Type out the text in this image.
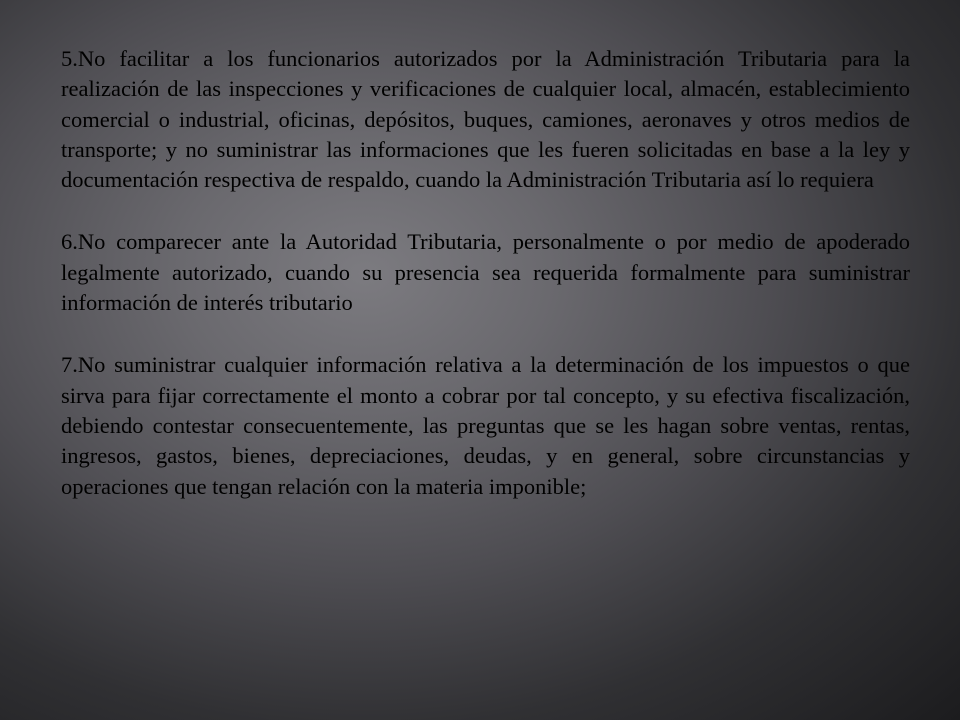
5.No facilitar a los funcionarios autorizados por la Administración Tributaria para la realización de las inspecciones y verificaciones de cualquier local, almacén, establecimiento comercial o industrial, oficinas, depósitos, buques, camiones, aeronaves y otros medios de transporte; y no suministrar las informaciones que les fueren solicitadas en base a la ley y documentación respectiva de respaldo, cuando la Administración Tributaria así lo requiera

6.No comparecer ante la Autoridad Tributaria, personalmente o por medio de apoderado legalmente autorizado, cuando su presencia sea requerida formalmente para suministrar información de interés tributario

7.No suministrar cualquier información relativa a la determinación de los impuestos o que sirva para fijar correctamente el monto a cobrar por tal concepto, y su efectiva fiscalización, debiendo contestar consecuentemente, las preguntas que se les hagan sobre ventas, rentas, ingresos, gastos, bienes, depreciaciones, deudas, y en general, sobre circunstancias y operaciones que tengan relación con la materia imponible;
